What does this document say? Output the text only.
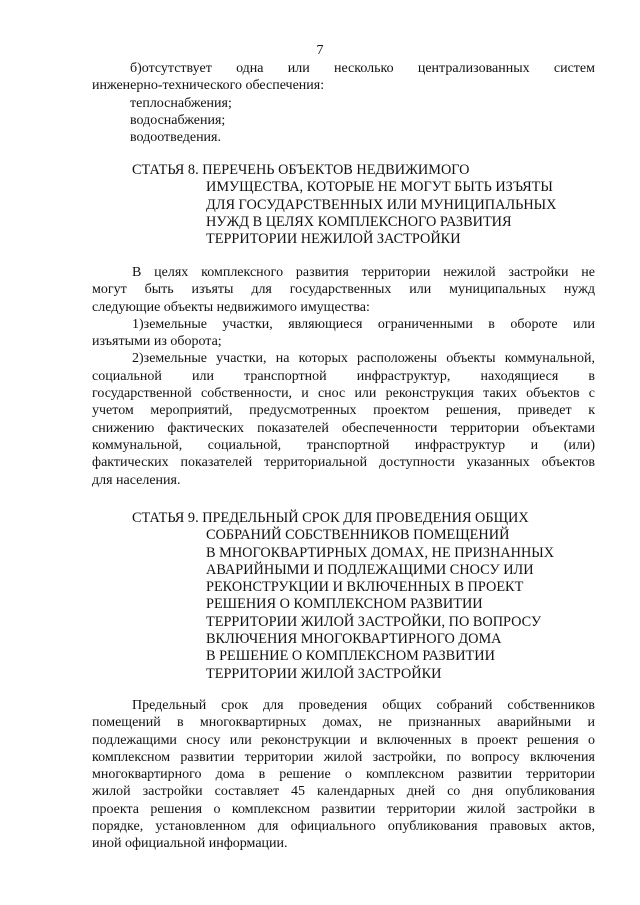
7
б)отсутствует одна или несколько централизованных систем
инженерно-технического обеспечения:
теплоснабжения;
водоснабжения;
водоотведения.
СТАТЬЯ 8. ПЕРЕЧЕНЬ ОБЪЕКТОВ НЕДВИЖИМОГО
ИМУЩЕСТВА, КОТОРЫЕ НЕ МОГУТ БЫТЬ ИЗЪЯТЫ
ДЛЯ ГОСУДАРСТВЕННЫХ ИЛИ МУНИЦИПАЛЬНЫХ
НУЖД В ЦЕЛЯХ КОМПЛЕКСНОГО РАЗВИТИЯ
ТЕРРИТОРИИ НЕЖИЛОЙ ЗАСТРОЙКИ
В целях комплексного развития территории нежилой застройки не
могут быть изъяты для государственных или муниципальных нужд
следующие объекты недвижимого имущества:
1)земельные участки, являющиеся ограниченными в обороте или
изъятыми из оборота;
2)земельные участки, на которых расположены объекты коммунальной,
социальной или транспортной инфраструктур, находящиеся в
государственной собственности, и снос или реконструкция таких объектов с
учетом мероприятий, предусмотренных проектом решения, приведет к
снижению фактических показателей обеспеченности территории объектами
коммунальной, социальной, транспортной инфраструктур и (или)
фактических показателей территориальной доступности указанных объектов
для населения.
СТАТЬЯ 9. ПРЕДЕЛЬНЫЙ СРОК ДЛЯ ПРОВЕДЕНИЯ ОБЩИХ
СОБРАНИЙ СОБСТВЕННИКОВ ПОМЕЩЕНИЙ
В МНОГОКВАРТИРНЫХ ДОМАХ, НЕ ПРИЗНАННЫХ
АВАРИЙНЫМИ И ПОДЛЕЖАЩИМИ СНОСУ ИЛИ
РЕКОНСТРУКЦИИ И ВКЛЮЧЕННЫХ В ПРОЕКТ
РЕШЕНИЯ О КОМПЛЕКСНОМ РАЗВИТИИ
ТЕРРИТОРИИ ЖИЛОЙ ЗАСТРОЙКИ, ПО ВОПРОСУ
ВКЛЮЧЕНИЯ МНОГОКВАРТИРНОГО ДОМА
В РЕШЕНИЕ О КОМПЛЕКСНОМ РАЗВИТИИ
ТЕРРИТОРИИ ЖИЛОЙ ЗАСТРОЙКИ
Предельный срок для проведения общих собраний собственников
помещений в многоквартирных домах, не признанных аварийными и
подлежащими сносу или реконструкции и включенных в проект решения о
комплексном развитии территории жилой застройки, по вопросу включения
многоквартирного дома в решение о комплексном развитии территории
жилой застройки составляет 45 календарных дней со дня опубликования
проекта решения о комплексном развитии территории жилой застройки в
порядке, установленном для официального опубликования правовых актов,
иной официальной информации.
